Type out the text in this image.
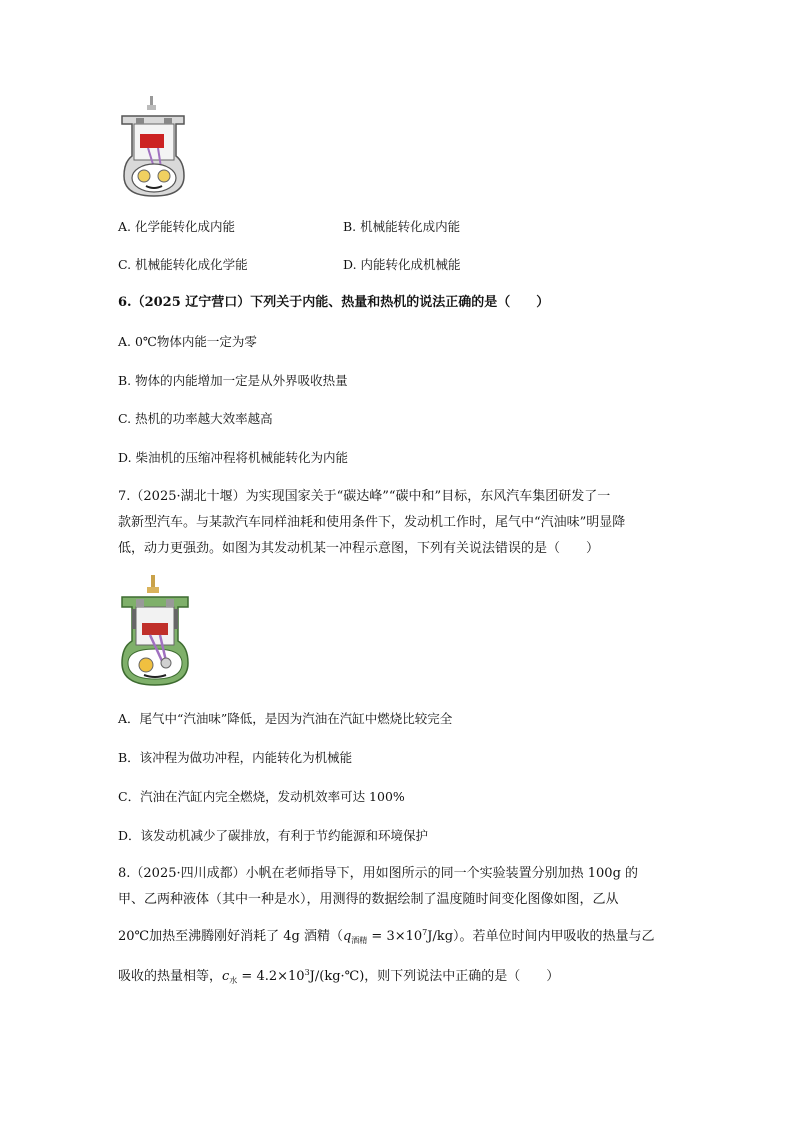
A. 化学能转化成内能	B. 机械能转化成内能
C. 机械能转化成化学能	D. 内能转化成机械能
6.（2025 辽宁营口）下列关于内能、热量和热机的说法正确的是（　　）
A. 0℃物体内能一定为零
B. 物体的内能增加一定是从外界吸收热量
C. 热机的功率越大效率越高
D. 柴油机的压缩冲程将机械能转化为内能
7.（2025·湖北十堰）为实现国家关于“碳达峰”“碳中和”目标，东风汽车集团研发了一
款新型汽车。与某款汽车同样油耗和使用条件下，发动机工作时，尾气中“汽油味”明显降
低，动力更强劲。如图为其发动机某一冲程示意图，下列有关说法错误的是（　　）
A．尾气中“汽油味”降低，是因为汽油在汽缸中燃烧比较完全
B．该冲程为做功冲程，内能转化为机械能
C．汽油在汽缸内完全燃烧，发动机效率可达 100%
D．该发动机减少了碳排放，有利于节约能源和环境保护
8.（2025·四川成都）小帆在老师指导下，用如图所示的同一个实验装置分别加热 100g 的
甲、乙两种液体（其中一种是水），用测得的数据绘制了温度随时间变化图像如图，乙从
20℃加热至沸腾刚好消耗了 4g 酒精$(q_{酒精} = 3\times 10^7J/kg)$。若单位时间内甲吸收的热量与乙
吸收的热量相等，$c_水$ = $4.2\times 10^3J/(kg\cdot℃)$，则下列说法中正确的是（　　）
